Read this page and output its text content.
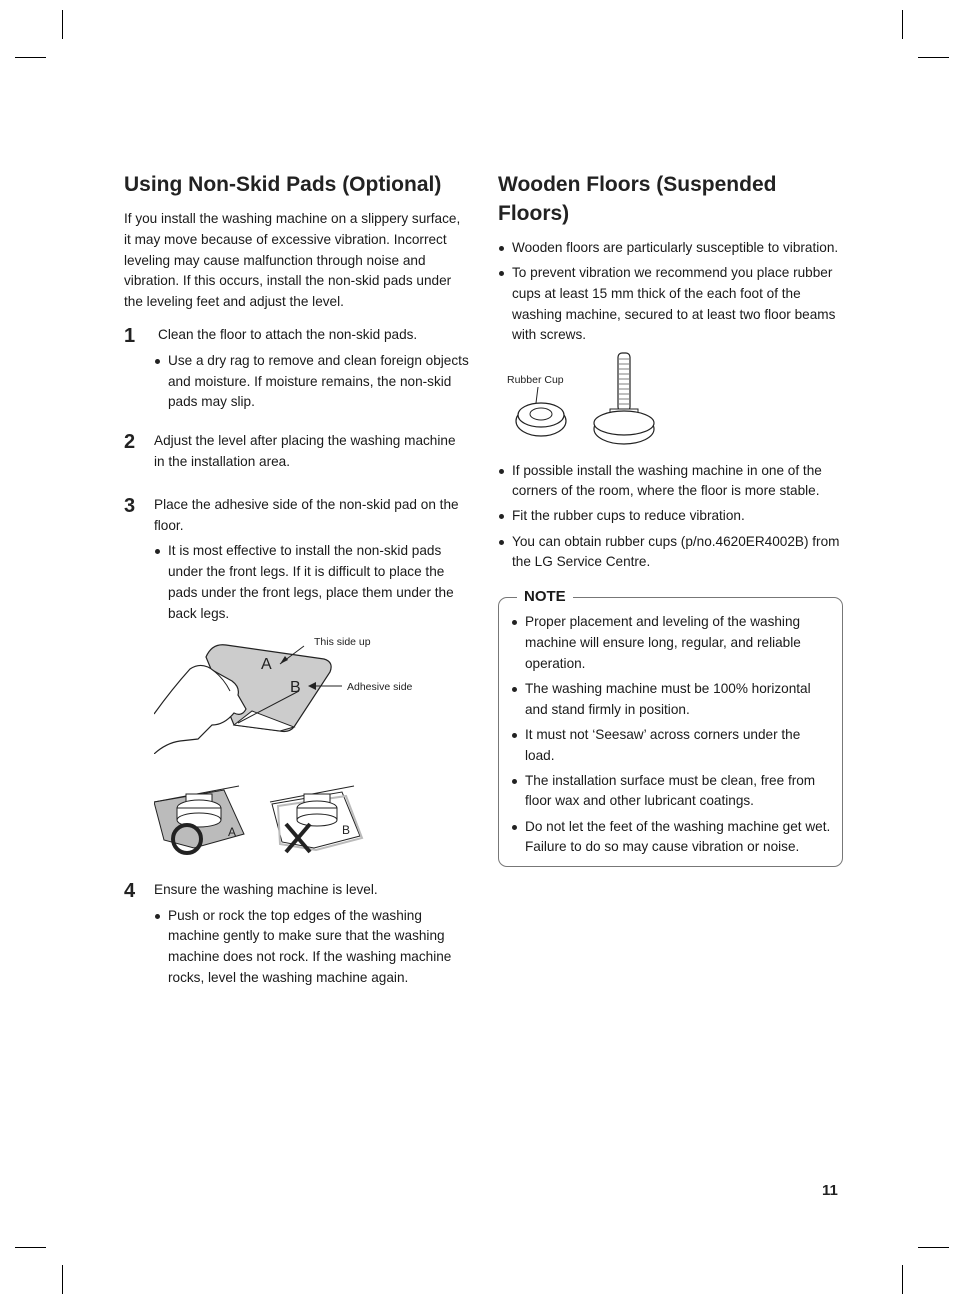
Using Non-Skid Pads (Optional)

If you install the washing machine on a slippery surface, it may move because of excessive vibration. Incorrect leveling may cause malfunction through noise and vibration. If this occurs, install the non-skid pads under the leveling feet and adjust the level.

1 Clean the floor to attach the non-skid pads.

Use a dry rag to remove and clean foreign objects and moisture. If moisture remains, the non-skid pads may slip.
2 Adjust the level after placing the washing machine in the installation area.

3 Place the adhesive side of the non-skid pad on the floor.

It is most effective to install the non-skid pads under the front legs. If it is difficult to place the pads under the front legs, place them under the back legs.
A
B
This side up
Adhesive side
A	B
4 Ensure the washing machine is level.

Push or rock the top edges of the washing machine gently to make sure that the washing machine does not rock. If the washing machine rocks, level the washing machine again.
Wooden Floors (Suspended Floors)
Wooden floors are particularly susceptible to vibration.
To prevent vibration we recommend you place rubber cups at least 15 mm thick of the each foot of the washing machine, secured to at least two floor beams with screws.
Rubber Cup
If possible install the washing machine in one of the corners of the room, where the floor is more stable.
Fit the rubber cups to reduce vibration.
You can obtain rubber cups (p/no.4620ER4002B) from the LG Service Centre.
NOTE
Proper placement and leveling of the washing machine will ensure long, regular, and reliable operation.
The washing machine must be 100% horizontal and stand firmly in position.
It must not ‘Seesaw’ across corners under the load.
The installation surface must be clean, free from floor wax and other lubricant coatings.
Do not let the feet of the washing machine get wet. Failure to do so may cause vibration or noise.
11
